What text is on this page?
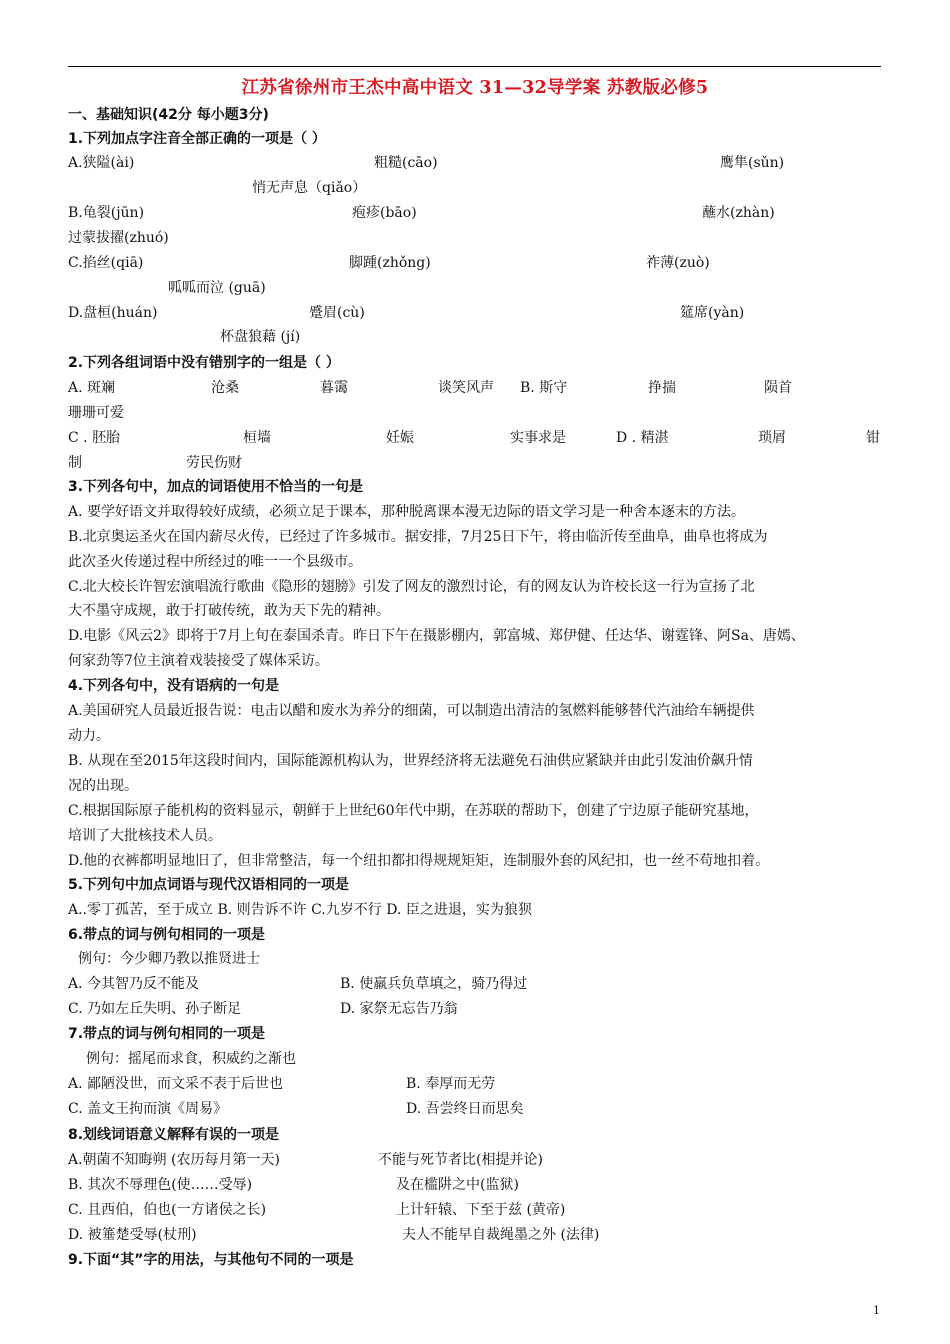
江苏省徐州市王杰中高中语文 31—32导学案 苏教版必修5
一、基础知识(42分 每小题3分)
1.下列加点字注音全部正确的一项是（ ）
A.狭隘(ài)	粗糙(cāo)	鹰隼(sǔn)
悄无声息（qiǎo）
B.龟裂(jūn)	疱疹(bāo)	蘸水(zhàn)
过蒙拔擢(zhuó)
C.掐丝(qiā)	脚踵(zhǒng)	祚薄(zuò)
呱呱而泣 (guā)
D.盘桓(huán)	蹙眉(cù)	筵席(yàn)
杯盘狼藉 (jí)
2.下列各组词语中没有错别字的一组是（ ）
A. 斑斓	沧桑	暮霭	谈笑风声 B. 斯守	挣揣	陨首
珊珊可爱
C . 胚胎	桓墙	妊娠	实事求是	D . 精湛	琐屑	钳
制	劳民伤财
3.下列各句中，加点的词语使用不恰当的一句是
A. 要学好语文并取得较好成绩，必须立足于课本，那种脱离课本漫无边际的语文学习是一种舍本逐末的方法。
B.北京奥运圣火在国内薪尽火传，已经过了许多城市。据安排，7月25日下午，将由临沂传至曲阜，曲阜也将成为
此次圣火传递过程中所经过的唯一一个县级市。
C.北大校长许智宏演唱流行歌曲《隐形的翅膀》引发了网友的激烈讨论，有的网友认为许校长这一行为宣扬了北
大不墨守成规，敢于打破传统，敢为天下先的精神。
D.电影《风云2》即将于7月上旬在泰国杀青。昨日下午在摄影棚内，郭富城、郑伊健、任达华、谢霆锋、阿Sa、唐嫣、
何家劲等7位主演着戏装接受了媒体采访。
4.下列各句中，没有语病的一句是
A.美国研究人员最近报告说：电击以醋和废水为养分的细菌，可以制造出清洁的氢燃料能够替代汽油给车辆提供
动力。
B. 从现在至2015年这段时间内，国际能源机构认为，世界经济将无法避免石油供应紧缺并由此引发油价飙升情
况的出现。
C.根据国际原子能机构的资料显示，朝鲜于上世纪60年代中期，在苏联的帮助下，创建了宁边原子能研究基地，
培训了大批核技术人员。
D.他的衣裤都明显地旧了，但非常整洁，每一个纽扣都扣得规规矩矩，连制服外套的风纪扣，也一丝不苟地扣着。
5.下列句中加点词语与现代汉语相同的一项是
A..零丁孤苦，至于成立 B. 则告诉不许 C.九岁不行 D. 臣之进退，实为狼狈
6.带点的词与例句相同的一项是
例句：今少卿乃教以推贤进士
A. 今其智乃反不能及	B. 使羸兵负草填之，骑乃得过
C. 乃如左丘失明、孙子断足	D. 家祭无忘告乃翁
7.带点的词与例句相同的一项是
例句：摇尾而求食，积威约之渐也
A. 鄙陋没世，而文采不表于后世也	B. 奉厚而无劳
C. 盖文王拘而演《周易》	D. 吾尝终日而思矣
8.划线词语意义解释有误的一项是
A.朝菌不知晦朔 (农历每月第一天)	不能与死节者比(相提并论)
B. 其次不辱理色(使……受辱)	及在槛阱之中(监狱)
C. 且西伯，伯也(一方诸侯之长)	上计轩辕、下至于兹 (黄帝)
D. 被箠楚受辱(杖刑)	夫人不能早自裁绳墨之外 (法律)
9.下面“其”字的用法，与其他句不同的一项是
1
